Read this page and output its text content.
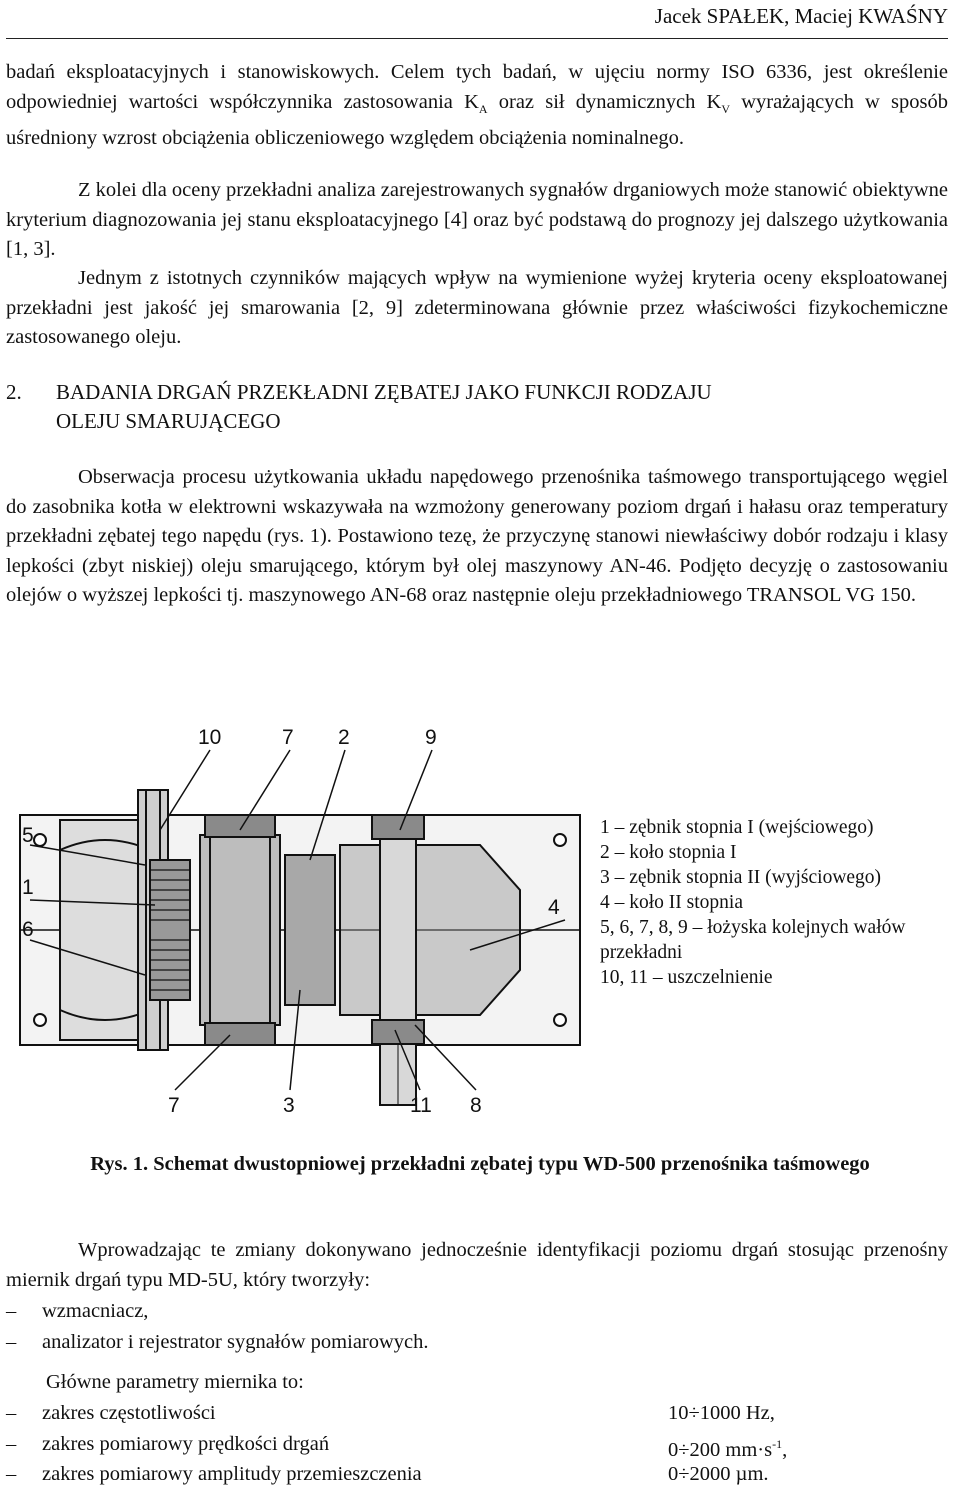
Jacek SPAŁEK, Maciej KWAŚNY

badań eksploatacyjnych i stanowiskowych. Celem tych badań, w ujęciu normy ISO 6336, jest określenie odpowiedniej wartości współczynnika zastosowania $K_A$ oraz sił dynamicznych $K_V$ wyrażających w sposób uśredniony wzrost obciążenia obliczeniowego względem obciążenia nominalnego.

Z kolei dla oceny przekładni analiza zarejestrowanych sygnałów drganiowych może stanowić obiektywne kryterium diagnozowania jej stanu eksploatacyjnego [4] oraz być podstawą do prognozy jej dalszego użytkowania [1, 3].

Jednym z istotnych czynników mających wpływ na wymienione wyżej kryteria oceny eksploatowanej przekładni jest jakość jej smarowania [2, 9] zdeterminowana głównie przez właściwości fizykochemiczne zastosowanego oleju.

2. BADANIA DRGAŃ PRZEKŁADNI ZĘBATEJ JAKO FUNKCJI RODZAJU
OLEJU SMARUJĄCEGO

Obserwacja procesu użytkowania układu napędowego przenośnika taśmowego transportującego węgiel do zasobnika kotła w elektrowni wskazywała na wzmożony generowany poziom drgań i hałasu oraz temperatury przekładni zębatej tego napędu (rys. 1). Postawiono tezę, że przyczynę stanowi niewłaściwy dobór rodzaju i klasy lepkości (zbyt niskiej) oleju smarującego, którym był olej maszynowy AN-46. Podjęto decyzję o zastosowaniu olejów o wyższej lepkości tj. maszynowego AN-68 oraz następnie oleju przekładniowego TRANSOL VG 150.

10	7 2	9
5
1
6
4
7	3	11 8
1 – zębnik stopnia I (wejściowego)
2 – koło stopnia I
3 – zębnik stopnia II (wyjściowego)
4 – koło II stopnia
5, 6, 7, 8, 9 – łożyska kolejnych wałów
przekładni
10, 11 – uszczelnienie

Rys. 1. Schemat dwustopniowej przekładni zębatej typu WD-500 przenośnika taśmowego

Wprowadzając te zmiany dokonywano jednocześnie identyfikacji poziomu drgań stosując przenośny miernik drgań typu MD-5U, który tworzyły:

– wzmacniacz,
– analizator i rejestrator sygnałów pomiarowych.

Główne parametry miernika to:

– zakres częstotliwości	10÷1000 Hz,
– zakres pomiarowy prędkości drgań	0÷200 $mm\cdot s^{-1}$,
– zakres pomiarowy amplitudy przemieszczenia	0÷2000 µm.
